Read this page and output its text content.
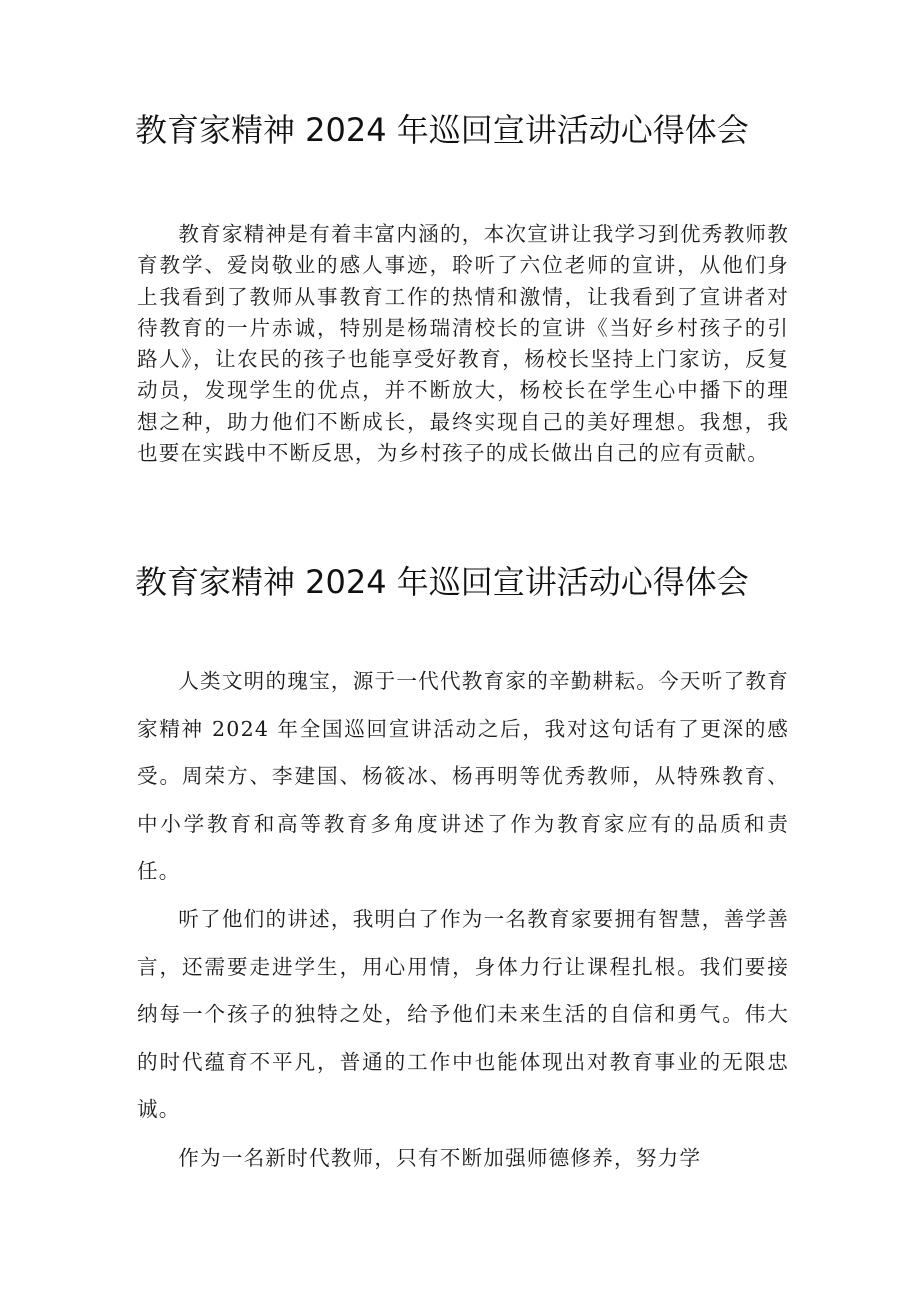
教育家精神 2024 年巡回宣讲活动心得体会

教育家精神是有着丰富内涵的，本次宣讲让我学习到优秀教师教育教学、爱岗敬业的感人事迹，聆听了六位老师的宣讲，从他们身上我看到了教师从事教育工作的热情和激情，让我看到了宣讲者对待教育的一片赤诚，特别是杨瑞清校长的宣讲《当好乡村孩子的引路人》，让农民的孩子也能享受好教育，杨校长坚持上门家访，反复动员，发现学生的优点，并不断放大，杨校长在学生心中播下的理想之种，助力他们不断成长，最终实现自己的美好理想。我想，我也要在实践中不断反思，为乡村孩子的成长做出自己的应有贡献。

教育家精神 2024 年巡回宣讲活动心得体会

人类文明的瑰宝，源于一代代教育家的辛勤耕耘。今天听了教育家精神 2024 年全国巡回宣讲活动之后，我对这句话有了更深的感受。周荣方、李建国、杨筱冰、杨再明等优秀教师，从特殊教育、中小学教育和高等教育多角度讲述了作为教育家应有的品质和责任。

听了他们的讲述，我明白了作为一名教育家要拥有智慧，善学善言，还需要走进学生，用心用情，身体力行让课程扎根。我们要接纳每一个孩子的独特之处，给予他们未来生活的自信和勇气。伟大的时代蕴育不平凡，普通的工作中也能体现出对教育事业的无限忠诚。

作为一名新时代教师，只有不断加强师德修养，努力学
